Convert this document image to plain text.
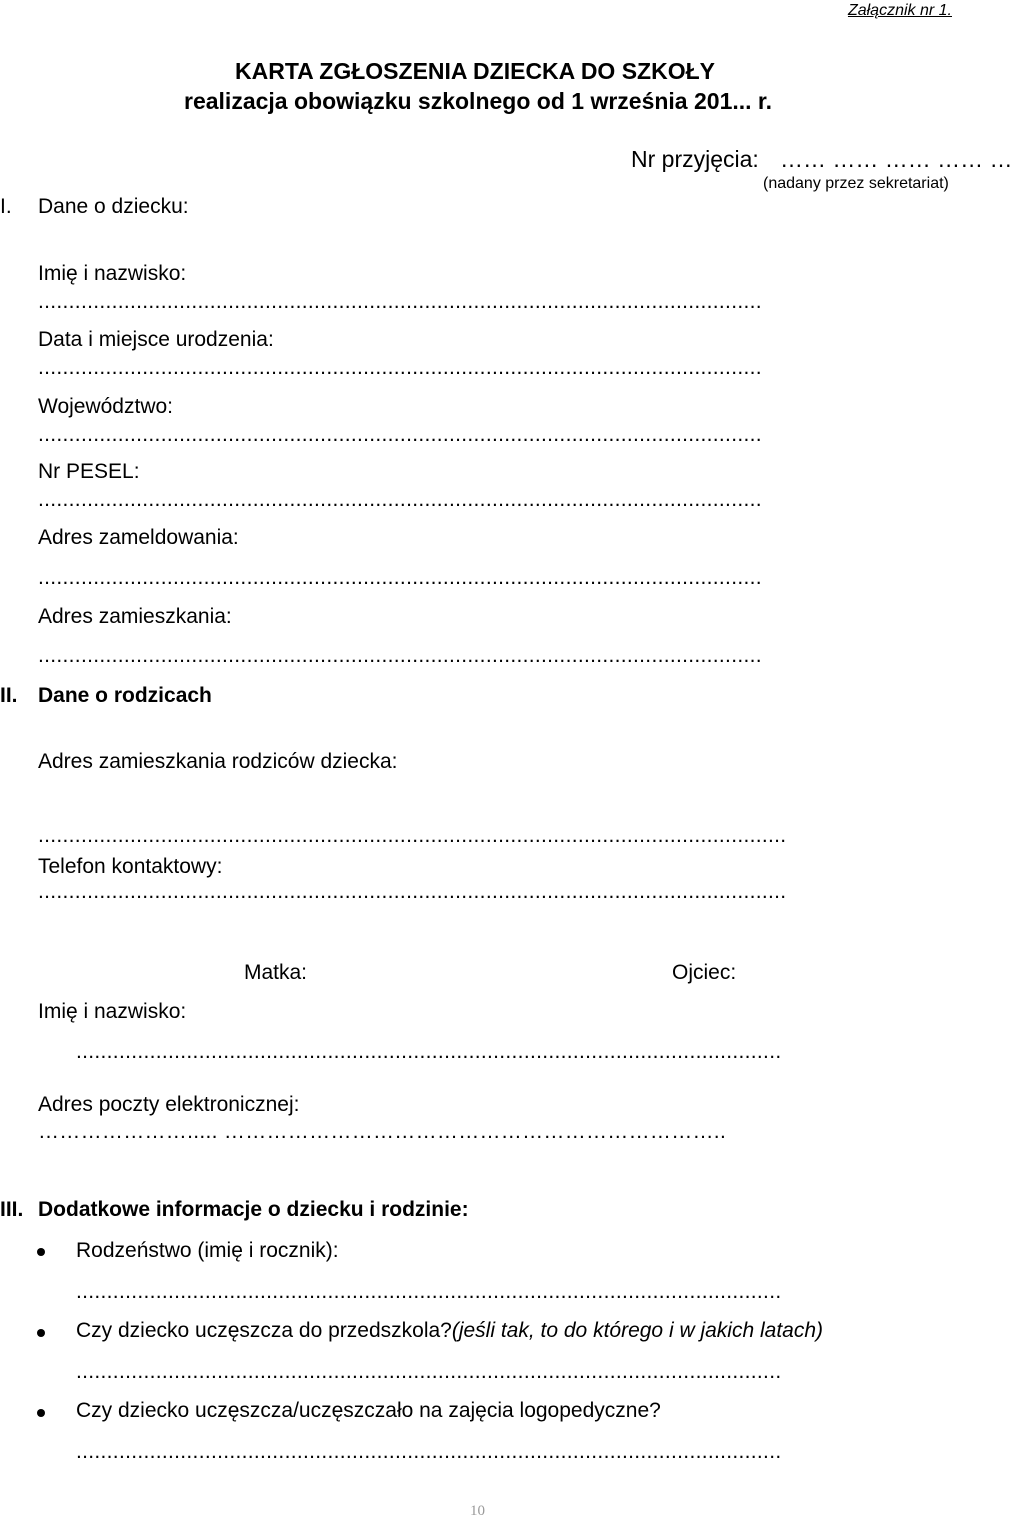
Załącznik nr 1.
KARTA ZGŁOSZENIA DZIECKA DO SZKOŁY
realizacja obowiązku szkolnego od 1 września 201... r.
Nr przyjęcia: …… …… …… …… …
(nadany przez sekretariat)
I. Dane o dziecku:
Imię i nazwisko:
......................................................................................................................
Data i miejsce urodzenia:
......................................................................................................................
Województwo:
......................................................................................................................
Nr PESEL:
......................................................................................................................
Adres zameldowania:
......................................................................................................................
Adres zamieszkania:
......................................................................................................................
II. Dane o rodzicach
Adres zamieszkania rodziców dziecka:
..........................................................................................................................
Telefon kontaktowy:
..........................................................................................................................
Matka:	Ojciec:
Imię i nazwisko:
...................................................................................................................
Adres poczty elektronicznej:
…………………..... ……………………………………………………………..
III. Dodatkowe informacje o dziecku i rodzinie:
Rodzeństwo (imię i rocznik):
...................................................................................................................
Czy dziecko uczęszcza do przedszkola?(jeśli tak, to do którego i w jakich latach)
...................................................................................................................
Czy dziecko uczęszcza/uczęszczało na zajęcia logopedyczne?
...................................................................................................................
10
